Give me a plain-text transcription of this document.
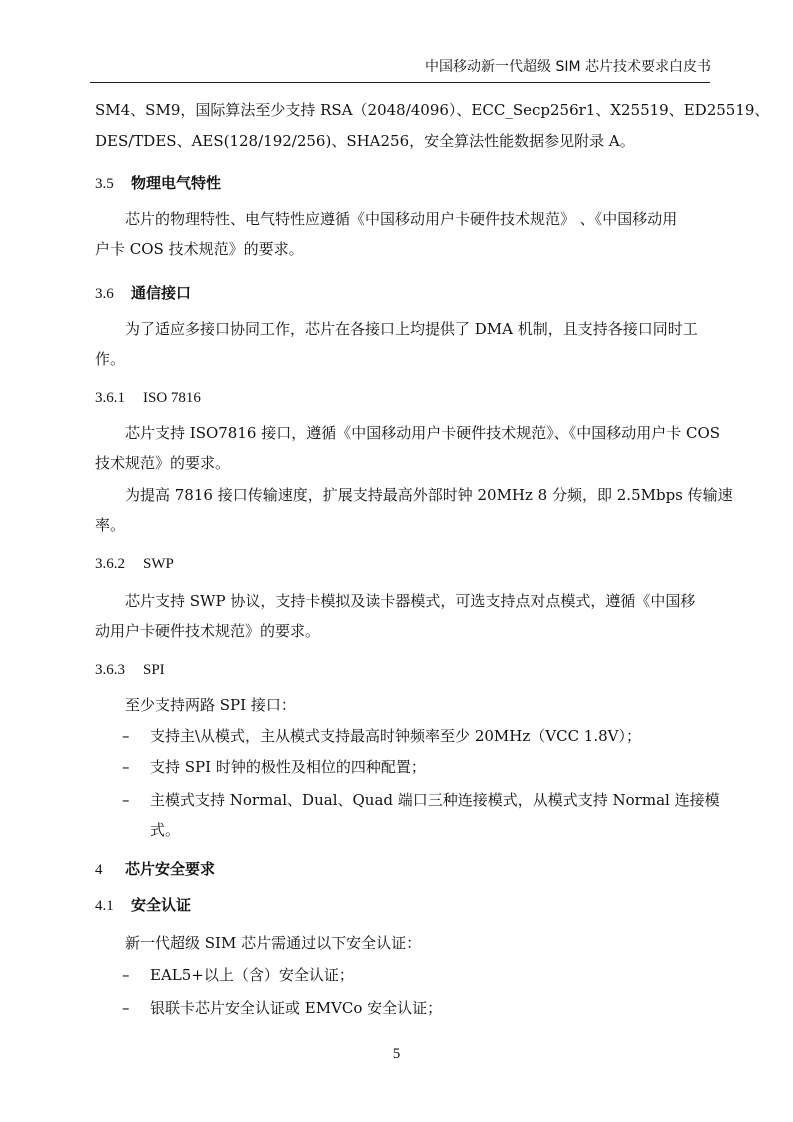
中国移动新一代超级 SIM 芯片技术要求白皮书
SM4、SM9，国际算法至少支持 RSA（2048/4096）、ECC_Secp256r1、X25519、ED25519、
DES/TDES、AES(128/192/256)、SHA256，安全算法性能数据参见附录 A。
3.5 物理电气特性
芯片的物理特性、电气特性应遵循《中国移动用户卡硬件技术规范》 、《中国移动用
户卡 COS 技术规范》的要求。
3.6 通信接口
为了适应多接口协同工作，芯片在各接口上均提供了 DMA 机制，且支持各接口同时工
作。
3.6.1 ISO 7816
芯片支持 ISO7816 接口，遵循《中国移动用户卡硬件技术规范》、《中国移动用户卡 COS
技术规范》的要求。
为提高 7816 接口传输速度，扩展支持最高外部时钟 20MHz 8 分频，即 2.5Mbps 传输速
率。
3.6.2 SWP
芯片支持 SWP 协议，支持卡模拟及读卡器模式，可选支持点对点模式，遵循《中国移
动用户卡硬件技术规范》的要求。
3.6.3 SPI
至少支持两路 SPI 接口：
– 支持主\从模式，主从模式支持最高时钟频率至少 20MHz（VCC 1.8V）；
– 支持 SPI 时钟的极性及相位的四种配置；
– 主模式支持 Normal、Dual、Quad 端口三种连接模式，从模式支持 Normal 连接模
式。
4 芯片安全要求
4.1 安全认证
新一代超级 SIM 芯片需通过以下安全认证：
– EAL5+以上（含）安全认证；
– 银联卡芯片安全认证或 EMVCo 安全认证；
5
